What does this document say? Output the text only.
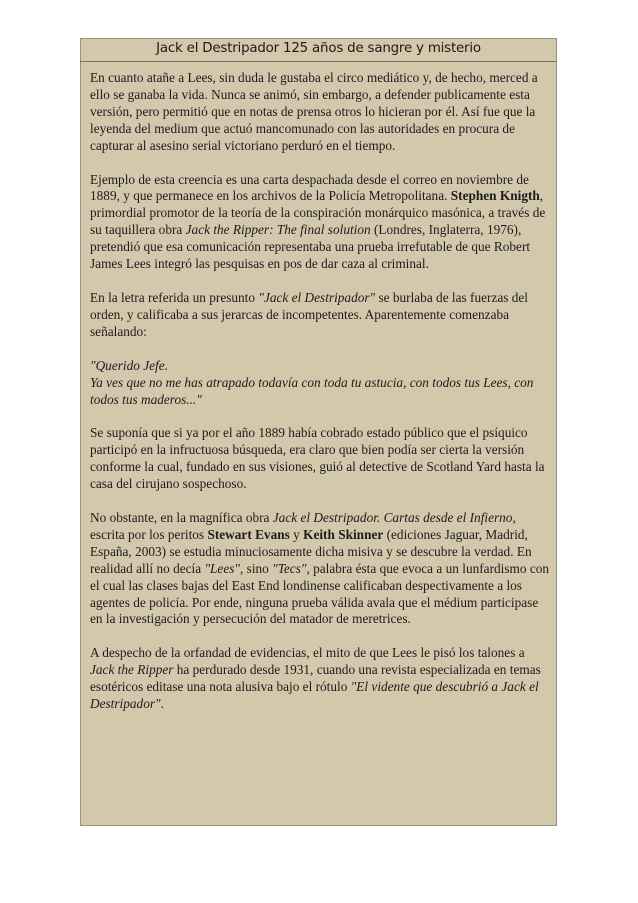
Jack el Destripador 125 años de sangre y misterio

En cuanto atañe a Lees, sin duda le gustaba el circo mediático y, de hecho, merced a ello se ganaba la vida. Nunca se animó, sin embargo, a defender publicamente esta versión, pero permitió que en notas de prensa otros lo hicieran por él. Así fue que la leyenda del medium que actuó mancomunado con las autoridades en procura de capturar al asesino serial victoriano perduró en el tiempo.

Ejemplo de esta creencia es una carta despachada desde el correo en noviembre de 1889, y que permanece en los archivos de la Policía Metropolitana. Stephen Knigth, primordial promotor de la teoría de la conspiración monárquico masónica, a través de su taquillera obra Jack the Ripper: The final solution (Londres, Inglaterra, 1976), pretendió que esa comunicación representaba una prueba irrefutable de que Robert James Lees integró las pesquisas en pos de dar caza al criminal.

En la letra referida un presunto "Jack el Destripador" se burlaba de las fuerzas del orden, y calificaba a sus jerarcas de incompetentes. Aparentemente comenzaba señalando:

"Querido Jefe.
Ya ves que no me has atrapado todavía con toda tu astucia, con todos tus Lees, con todos tus maderos..."

Se suponía que si ya por el año 1889 había cobrado estado público que el psíquico participó en la infructuosa búsqueda, era claro que bien podía ser cierta la versión conforme la cual, fundado en sus visiones, guió al detective de Scotland Yard hasta la casa del cirujano sospechoso.

No obstante, en la magnífica obra Jack el Destripador. Cartas desde el Infierno, escrita por los peritos Stewart Evans y Keith Skinner (ediciones Jaguar, Madrid, España, 2003) se estudia minuciosamente dicha misiva y se descubre la verdad. En realidad allí no decía "Lees", sino "Tecs", palabra ésta que evoca a un lunfardismo con el cual las clases bajas del East End londinense calificaban despectivamente a los agentes de policía. Por ende, ninguna prueba válida avala que el médium participase en la investigación y persecución del matador de meretrices.

A despecho de la orfandad de evidencias, el mito de que Lees le pisó los talones a Jack the Ripper ha perdurado desde 1931, cuando una revista especializada en temas esotéricos editase una nota alusiva bajo el rótulo "El vidente que descubrió a Jack el Destripador".
